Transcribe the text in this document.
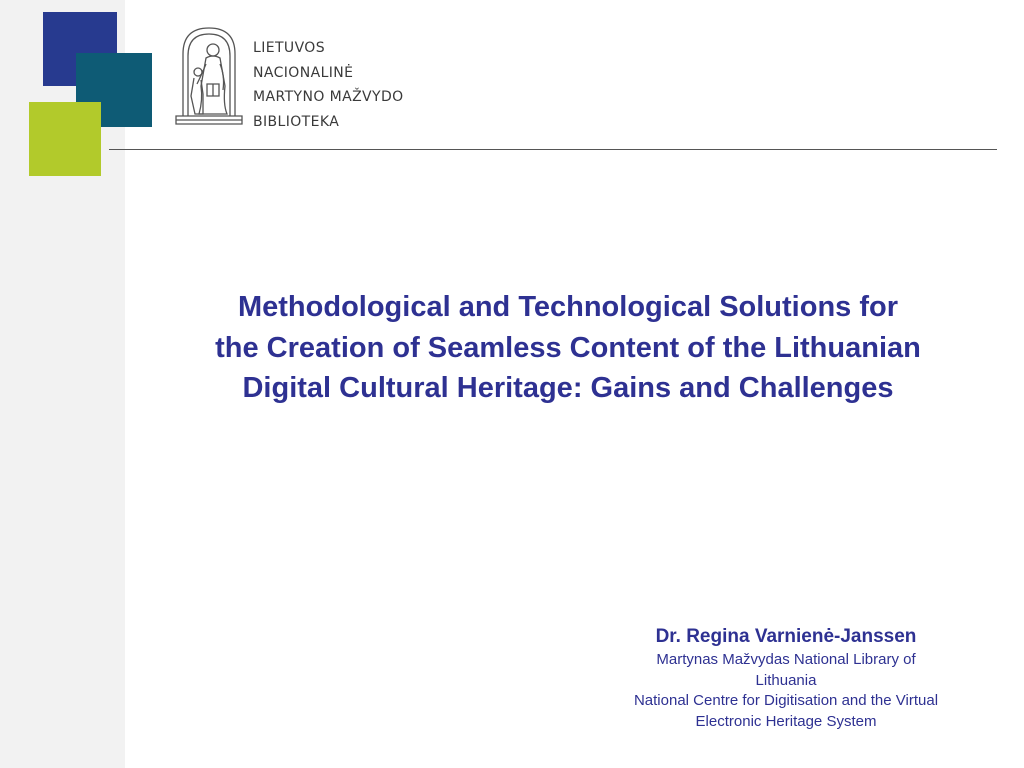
LIETUVOS
NACIONALINĖ
MARTYNO MAŽVYDO
BIBLIOTEKA
Methodological and Technological Solutions for
the Creation of Seamless Content of the Lithuanian
Digital Cultural Heritage: Gains and Challenges
Dr. Regina Varnienė-Janssen
Martynas Mažvydas National Library of
Lithuania
National Centre for Digitisation and the Virtual
Electronic Heritage System
